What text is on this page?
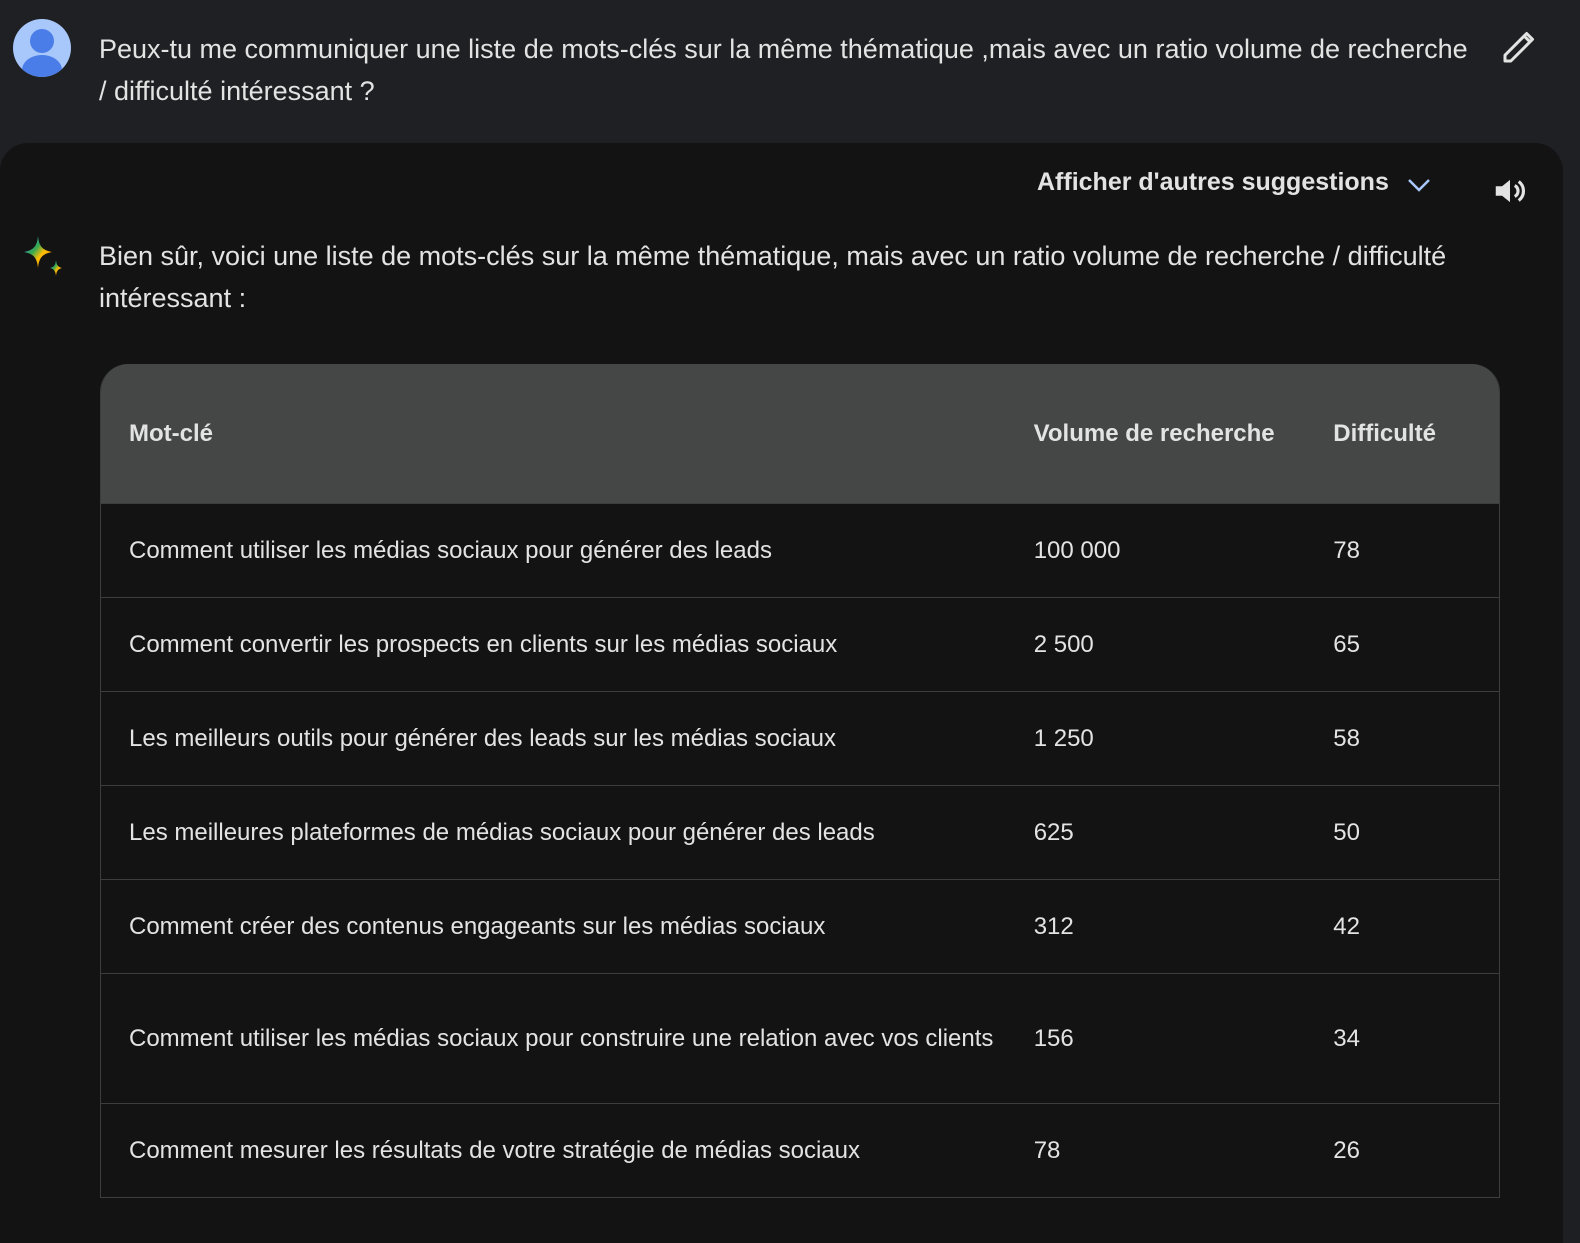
Peux-tu me communiquer une liste de mots-clés sur la même thématique ,mais avec un ratio volume de recherche / difficulté intéressant ?
Afficher d'autres suggestions
Bien sûr, voici une liste de mots-clés sur la même thématique, mais avec un ratio volume de recherche / difficulté intéressant :
Mot-clé	Volume de recherche	Difficulté
Comment utiliser les médias sociaux pour générer des leads	100 000	78
Comment convertir les prospects en clients sur les médias sociaux	2 500	65
Les meilleurs outils pour générer des leads sur les médias sociaux	1 250	58
Les meilleures plateformes de médias sociaux pour générer des leads	625	50
Comment créer des contenus engageants sur les médias sociaux	312	42
Comment utiliser les médias sociaux pour construire une relation avec vos clients	156	34
Comment mesurer les résultats de votre stratégie de médias sociaux	78	26
